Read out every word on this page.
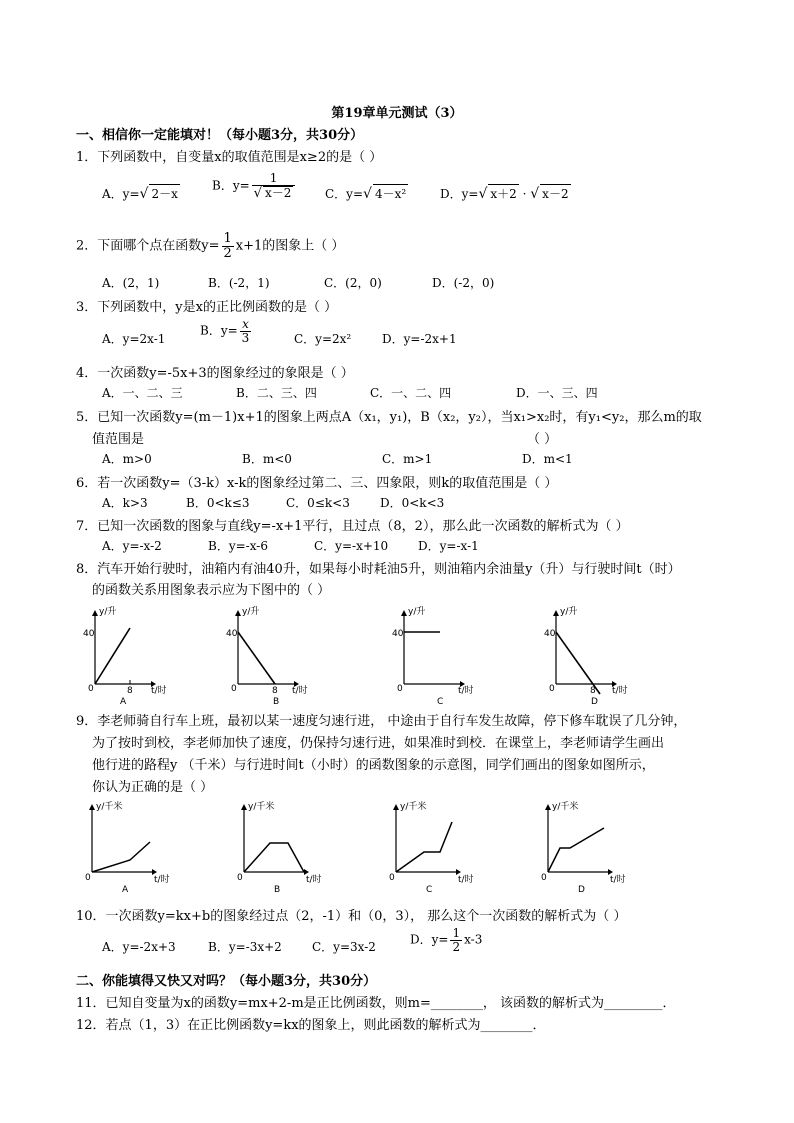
第19章单元测试（3）
一、相信你一定能填对！（每小题3分，共30分）
1．下列函数中，自变量x的取值范围是x≥2的是（ ）
A．y=√ 2－x
B．$y= \frac{1}{√ x-2}$ C．y=√ 4－x²	D．y=√ x＋2 · √ x－2
2．下面哪个点在函数$y= \frac{1}{2} x+1$的图象上（ ）
A．(2，1)	B．(-2，1)	C．(2，0)	D．(-2，0)
3．下列函数中，y是x的正比例函数的是（ ）
A．y=2x-1
B．$y= \frac{x}{3}$	C．y=2x²	D．y=-2x+1
4．一次函数y=-5x+3的图象经过的象限是（ ）
A．一、二、三	B．二、三、四	C．一、二、四	D．一、三、四
5．已知一次函数y=(m－1)x+1的图象上两点A（x₁，y₁)，B（x₂，y₂），当x₁>x₂时，有y₁<y₂，那么m的取
值范围是	（ ）
A．m>0	B．m<0	C．m>1	D．m<1
6．若一次函数y=（3-k）x-k的图象经过第二、三、四象限，则k的取值范围是（ ）
A．k>3	B．0<k≤3	C．0≤k<3	D．0<k<3
7．已知一次函数的图象与直线y=-x+1平行，且过点（8，2），那么此一次函数的解析式为（ ）
A．y=-x-2	B．y=-x-6	C．y=-x+10 D．y=-x-1
8．汽车开始行驶时，油箱内有油40升，如果每小时耗油5升，则油箱内余油量y（升）与行驶时间t（时）
的函数关系用图象表示应为下图中的（ ）
40
y/升
0	8 t/时
A
40
y/升
0	8 t/时
B
40
y/升
0	t/时
C
40
y/升
0	8 t/时
D
9．李老师骑自行车上班，最初以某一速度匀速行进， 中途由于自行车发生故障，停下修车耽误了几分钟，
为了按时到校，李老师加快了速度，仍保持匀速行进，如果准时到校．在课堂上，李老师请学生画出
他行进的路程y （千米）与行进时间t（小时）的函数图象的示意图，同学们画出的图象如图所示，
你认为正确的是（ ）
y/千米
0	t/时
A
y/千米
0	t/时
B
y/千米
0	t/时
C
y/千米
0	t/时
D
10．一次函数y=kx+b的图象经过点（2，-1）和（0，3）， 那么这个一次函数的解析式为（ ）
A．y=-2x+3	B．y=-3x+2	C．y=3x-2
D．$y= \frac{1}{2} x-3$
二、你能填得又快又对吗？（每小题3分，共30分）
11．已知自变量为x的函数y=mx+2-m是正比例函数，则m=________， 该函数的解析式为_________．
12．若点（1，3）在正比例函数y=kx的图象上，则此函数的解析式为________．
